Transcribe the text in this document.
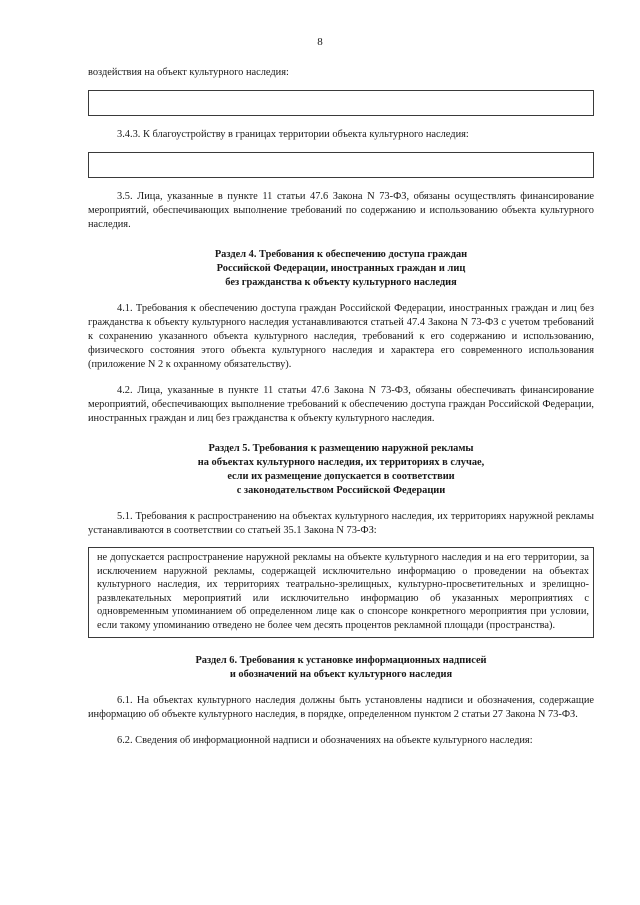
8

воздействия на объект культурного наследия:

3.4.3. К благоустройству в границах территории объекта культурного наследия:

3.5. Лица, указанные в пункте 11 статьи 47.6 Закона N 73-ФЗ, обязаны осуществлять финансирование мероприятий, обеспечивающих выполнение требований по содержанию и использованию объекта культурного наследия.

Раздел 4. Требования к обеспечению доступа граждан
Российской Федерации, иностранных граждан и лиц
без гражданства к объекту культурного наследия

4.1. Требования к обеспечению доступа граждан Российской Федерации, иностранных граждан и лиц без гражданства к объекту культурного наследия устанавливаются статьей 47.4 Закона N 73-ФЗ с учетом требований к сохранению указанного объекта культурного наследия, требований к его содержанию и использованию, физического состояния этого объекта культурного наследия и характера его современного использования (приложение N 2 к охранному обязательству).

4.2. Лица, указанные в пункте 11 статьи 47.6 Закона N 73-ФЗ, обязаны обеспечивать финансирование мероприятий, обеспечивающих выполнение требований к обеспечению доступа граждан Российской Федерации, иностранных граждан и лиц без гражданства к объекту культурного наследия.

Раздел 5. Требования к размещению наружной рекламы
на объектах культурного наследия, их территориях в случае,
если их размещение допускается в соответствии
с законодательством Российской Федерации

5.1. Требования к распространению на объектах культурного наследия, их территориях наружной рекламы устанавливаются в соответствии со статьей 35.1 Закона N 73-ФЗ:

не допускается распространение наружной рекламы на объекте культурного наследия и на его территории, за исключением наружной рекламы, содержащей исключительно информацию о проведении на объектах культурного наследия, их территориях театрально-зрелищных, культурно-просветительных и зрелищно-развлекательных мероприятий или исключительно информацию об указанных мероприятиях с одновременным упоминанием об определенном лице как о спонсоре конкретного мероприятия при условии, если такому упоминанию отведено не более чем десять процентов рекламной площади (пространства).

Раздел 6. Требования к установке информационных надписей
и обозначений на объект культурного наследия

6.1. На объектах культурного наследия должны быть установлены надписи и обозначения, содержащие информацию об объекте культурного наследия, в порядке, определенном пунктом 2 статьи 27 Закона N 73-ФЗ.

6.2. Сведения об информационной надписи и обозначениях на объекте культурного наследия:
